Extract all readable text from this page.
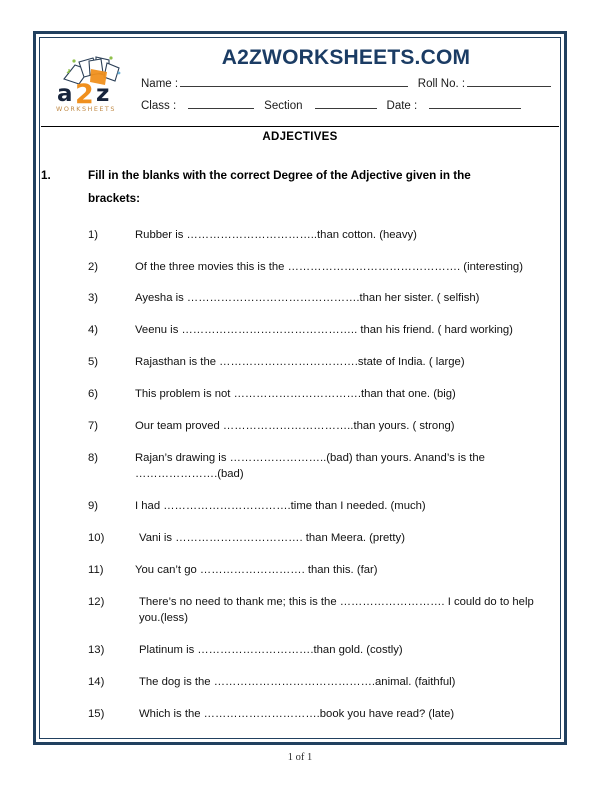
a 2 z
WORKSHEETS
A2ZWORKSHEETS.COM
Name :	Roll No. :
Class :	Section	Date :
ADJECTIVES
1.	Fill in the blanks with the correct Degree of the Adjective given in the brackets:
1)	Rubber is ……………………………..than cotton. (heavy)
2)	Of the three movies this is the ………………………………………. (interesting)
3)	Ayesha is ……………………………………….than her sister. ( selfish)
4)	Veenu is ……………………………………….. than his friend. ( hard working)
5)	Rajasthan is the ……………………………….state of India. ( large)
6)	This problem is not …………………………….than that one. (big)
7)	Our team proved ……………………………..than yours. ( strong)
8)	Rajan’s drawing is ……………………..(bad) than yours. Anand’s is the ………………….(bad)
9)	I had …………………………….time than I needed. (much)
10)	Vani is ……………………………. than Meera. (pretty)
11)	You can’t go ………………………. than this. (far)
12)	There’s no need to thank me; this is the ………………………. I could do to help you.(less)
13)	Platinum is ………………………….than gold. (costly)
14)	The dog is the …………………………………….animal. (faithful)
15)	Which is the ………………………….book you have read? (late)
1 of 1
